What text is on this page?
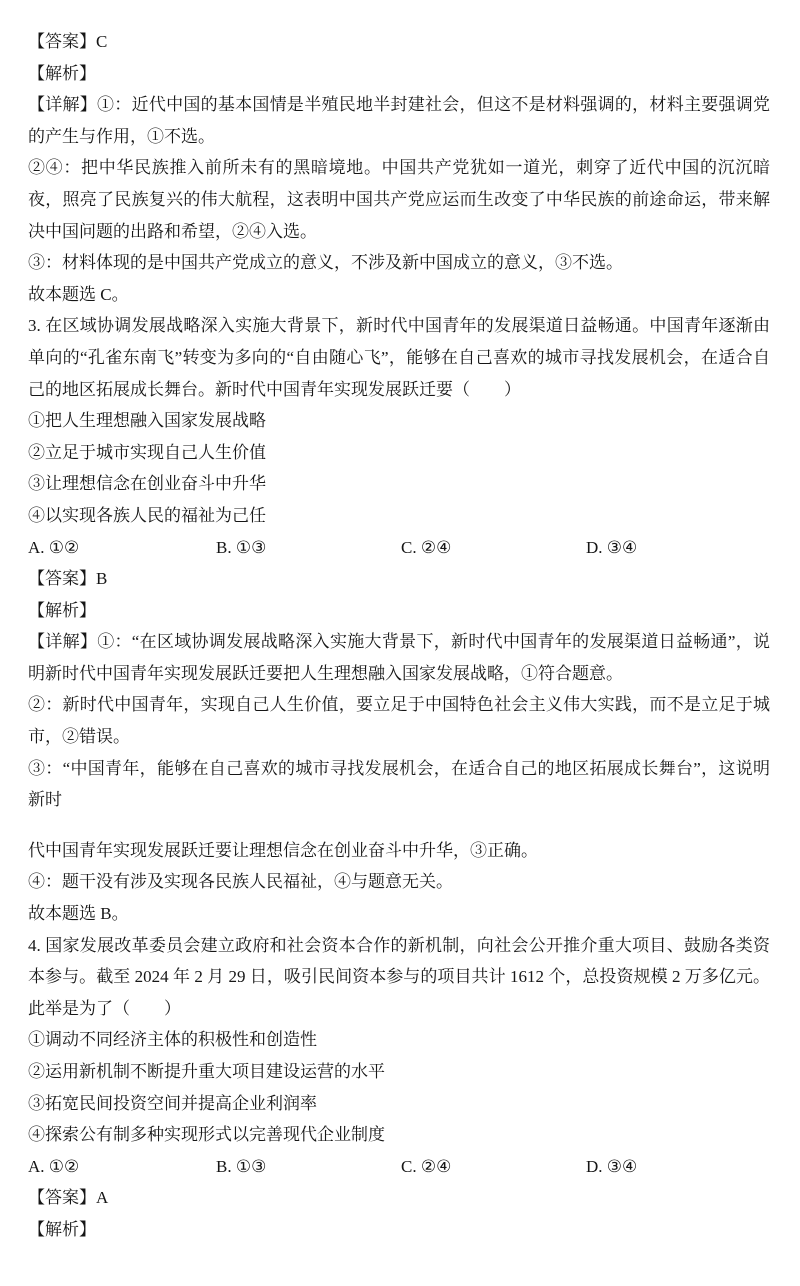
【答案】C

【解析】

【详解】①：近代中国的基本国情是半殖民地半封建社会，但这不是材料强调的，材料主要强调党的产生与作用，①不选。

②④：把中华民族推入前所未有的黑暗境地。中国共产党犹如一道光，刺穿了近代中国的沉沉暗夜，照亮了民族复兴的伟大航程，这表明中国共产党应运而生改变了中华民族的前途命运，带来解决中国问题的出路和希望，②④入选。

③：材料体现的是中国共产党成立的意义，不涉及新中国成立的意义，③不选。

故本题选 C。

3. 在区域协调发展战略深入实施大背景下，新时代中国青年的发展渠道日益畅通。中国青年逐渐由单向的“孔雀东南飞”转变为多向的“自由随心飞”，能够在自己喜欢的城市寻找发展机会，在适合自己的地区拓展成长舞台。新时代中国青年实现发展跃迁要（　　）

①把人生理想融入国家发展战略

②立足于城市实现自己人生价值

③让理想信念在创业奋斗中升华

④以实现各族人民的福祉为己任

A. ①②	B. ①③	C. ②④	D. ③④

【答案】B

【解析】

【详解】①：“在区域协调发展战略深入实施大背景下，新时代中国青年的发展渠道日益畅通”，说明新时代中国青年实现发展跃迁要把人生理想融入国家发展战略，①符合题意。

②：新时代中国青年，实现自己人生价值，要立足于中国特色社会主义伟大实践，而不是立足于城市，②错误。

③：“中国青年，能够在自己喜欢的城市寻找发展机会，在适合自己的地区拓展成长舞台”，这说明新时

代中国青年实现发展跃迁要让理想信念在创业奋斗中升华，③正确。

④：题干没有涉及实现各民族人民福祉，④与题意无关。

故本题选 B。

4. 国家发展改革委员会建立政府和社会资本合作的新机制，向社会公开推介重大项目、鼓励各类资本参与。截至 2024 年 2 月 29 日，吸引民间资本参与的项目共计 1612 个，总投资规模 2 万多亿元。此举是为了（　　）

①调动不同经济主体的积极性和创造性

②运用新机制不断提升重大项目建设运营的水平

③拓宽民间投资空间并提高企业利润率

④探索公有制多种实现形式以完善现代企业制度

A. ①②	B. ①③	C. ②④	D. ③④

【答案】A

【解析】
